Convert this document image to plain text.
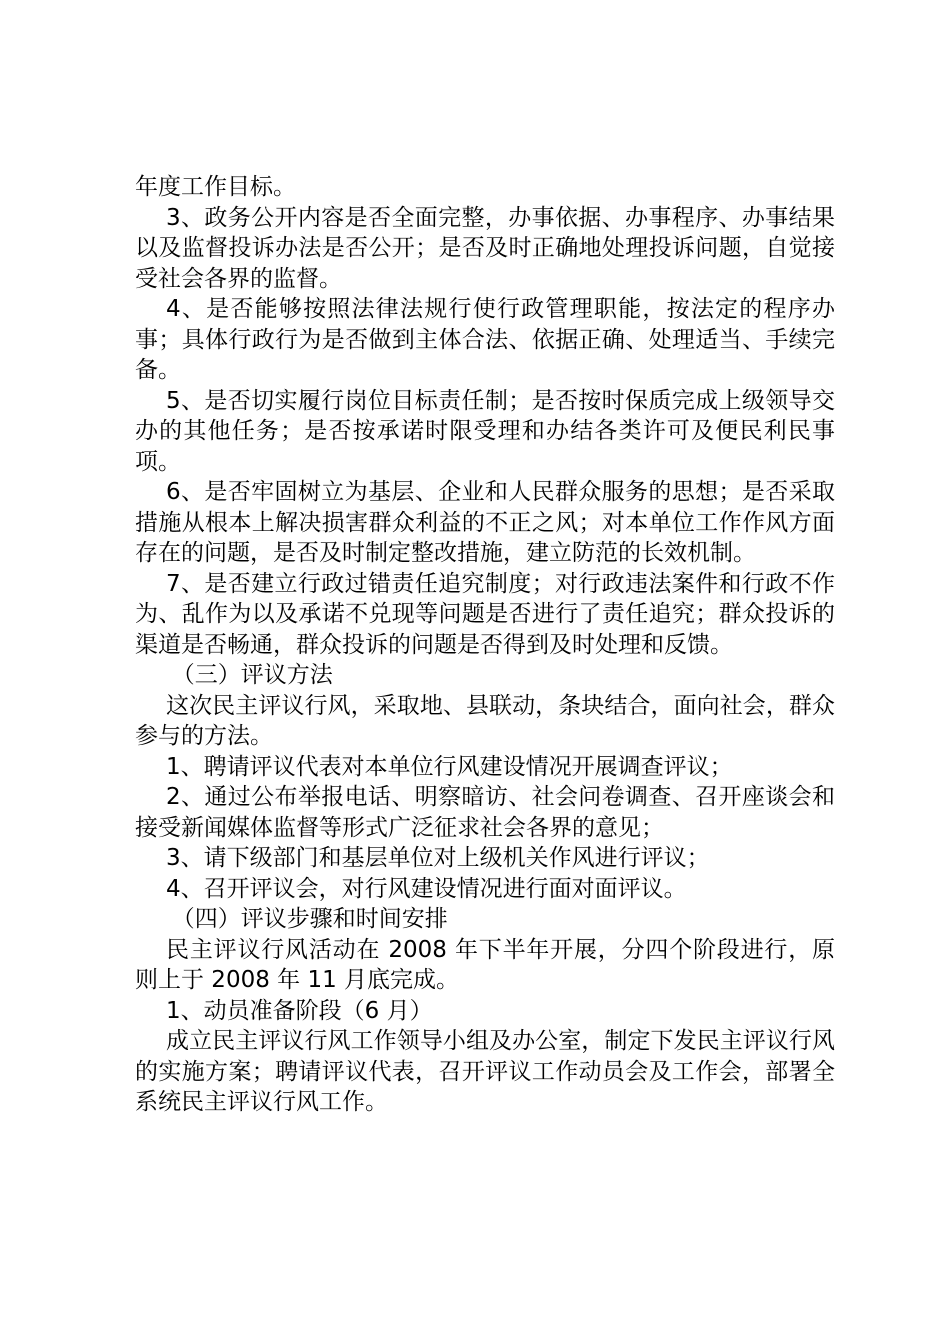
年度工作目标。

3、政务公开内容是否全面完整，办事依据、办事程序、办事结果以及监督投诉办法是否公开；是否及时正确地处理投诉问题，自觉接受社会各界的监督。

4、是否能够按照法律法规行使行政管理职能，按法定的程序办事；具体行政行为是否做到主体合法、依据正确、处理适当、手续完备。

5、是否切实履行岗位目标责任制；是否按时保质完成上级领导交办的其他任务；是否按承诺时限受理和办结各类许可及便民利民事项。

6、是否牢固树立为基层、企业和人民群众服务的思想；是否采取措施从根本上解决损害群众利益的不正之风；对本单位工作作风方面存在的问题，是否及时制定整改措施，建立防范的长效机制。

7、是否建立行政过错责任追究制度；对行政违法案件和行政不作为、乱作为以及承诺不兑现等问题是否进行了责任追究；群众投诉的渠道是否畅通，群众投诉的问题是否得到及时处理和反馈。

（三）评议方法

这次民主评议行风，采取地、县联动，条块结合，面向社会，群众参与的方法。

1、聘请评议代表对本单位行风建设情况开展调查评议；

2、通过公布举报电话、明察暗访、社会问卷调查、召开座谈会和接受新闻媒体监督等形式广泛征求社会各界的意见；

3、请下级部门和基层单位对上级机关作风进行评议；

4、召开评议会，对行风建设情况进行面对面评议。

（四）评议步骤和时间安排

民主评议行风活动在 2008 年下半年开展，分四个阶段进行，原则上于 2008 年 11 月底完成。

1、动员准备阶段（6 月）

成立民主评议行风工作领导小组及办公室，制定下发民主评议行风的实施方案；聘请评议代表，召开评议工作动员会及工作会，部署全系统民主评议行风工作。
